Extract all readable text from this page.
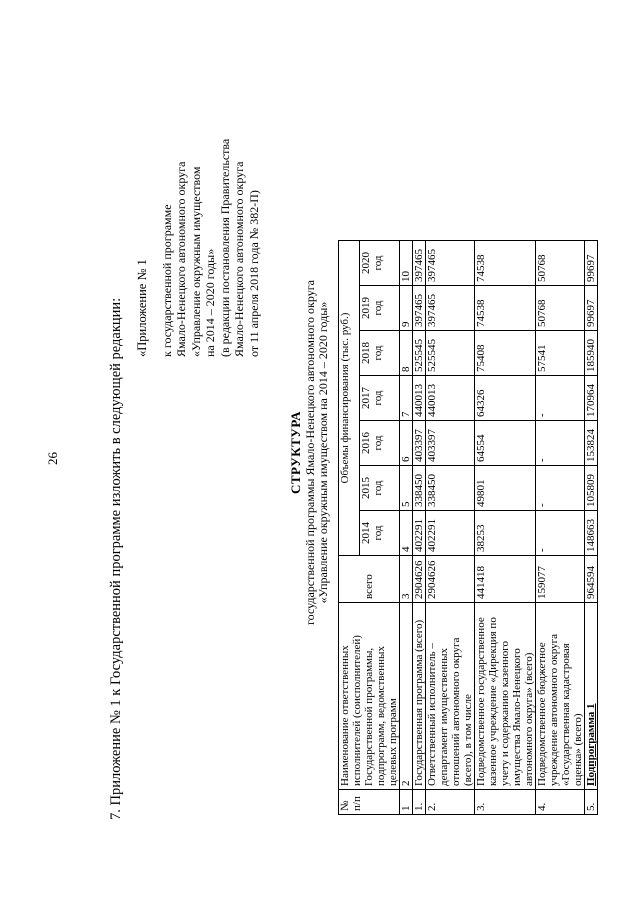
26	7. Приложение № 1 к Государственной программе изложить в следующей редакции: «Приложение № 1 к государственной программе Ямало-Ненецкого автономного округа «Управление окружным имуществом на 2014 – 2020 годы» (в редакции постановления Правительства Ямало-Ненецкого автономного округа от 11 апреля 2018 года № 382-П)
СТРУКТУРА государственной программы Ямало-Ненецкого автономного округа «Управление окружным имуществом на 2014 – 2020 годы»
№ п/п	Наименование ответственных исполнителей (соисполнителей) Государственной программы, подпрограмм, ведомственных целевых программ	всего	Объемы финансирования (тыс. руб.)						
			2014 год	2015 год	2016 год	2017 год	2018 год	2019 год	2020 год
1	2	3	4	5	6	7	8	9	10
1.	Государственная программа (всего)	2904626	402291	338450	403397	440013	525545	397465	397465
2.	Ответственный исполнитель – департамент имущественных отношений автономного округа (всего), в том числе	2904626	402291	338450	403397	440013	525545	397465	397465
3.	Подведомственное государственное казенное учреждение «Дирекция по учету и содержанию казенного имущества Ямало-Ненецкого автономного округа» (всего)	441418	38253	49801	64554	64326	75408	74538	74538
4.	Подведомственное бюджетное учреждение автономного округа «Государственная кадастровая оценка» (всего)	159077	-	-	-	-	57541	50768	50768
5.	Подпрограмма 1	964594	148663	105809	153824	170964	185940	99697	99697
